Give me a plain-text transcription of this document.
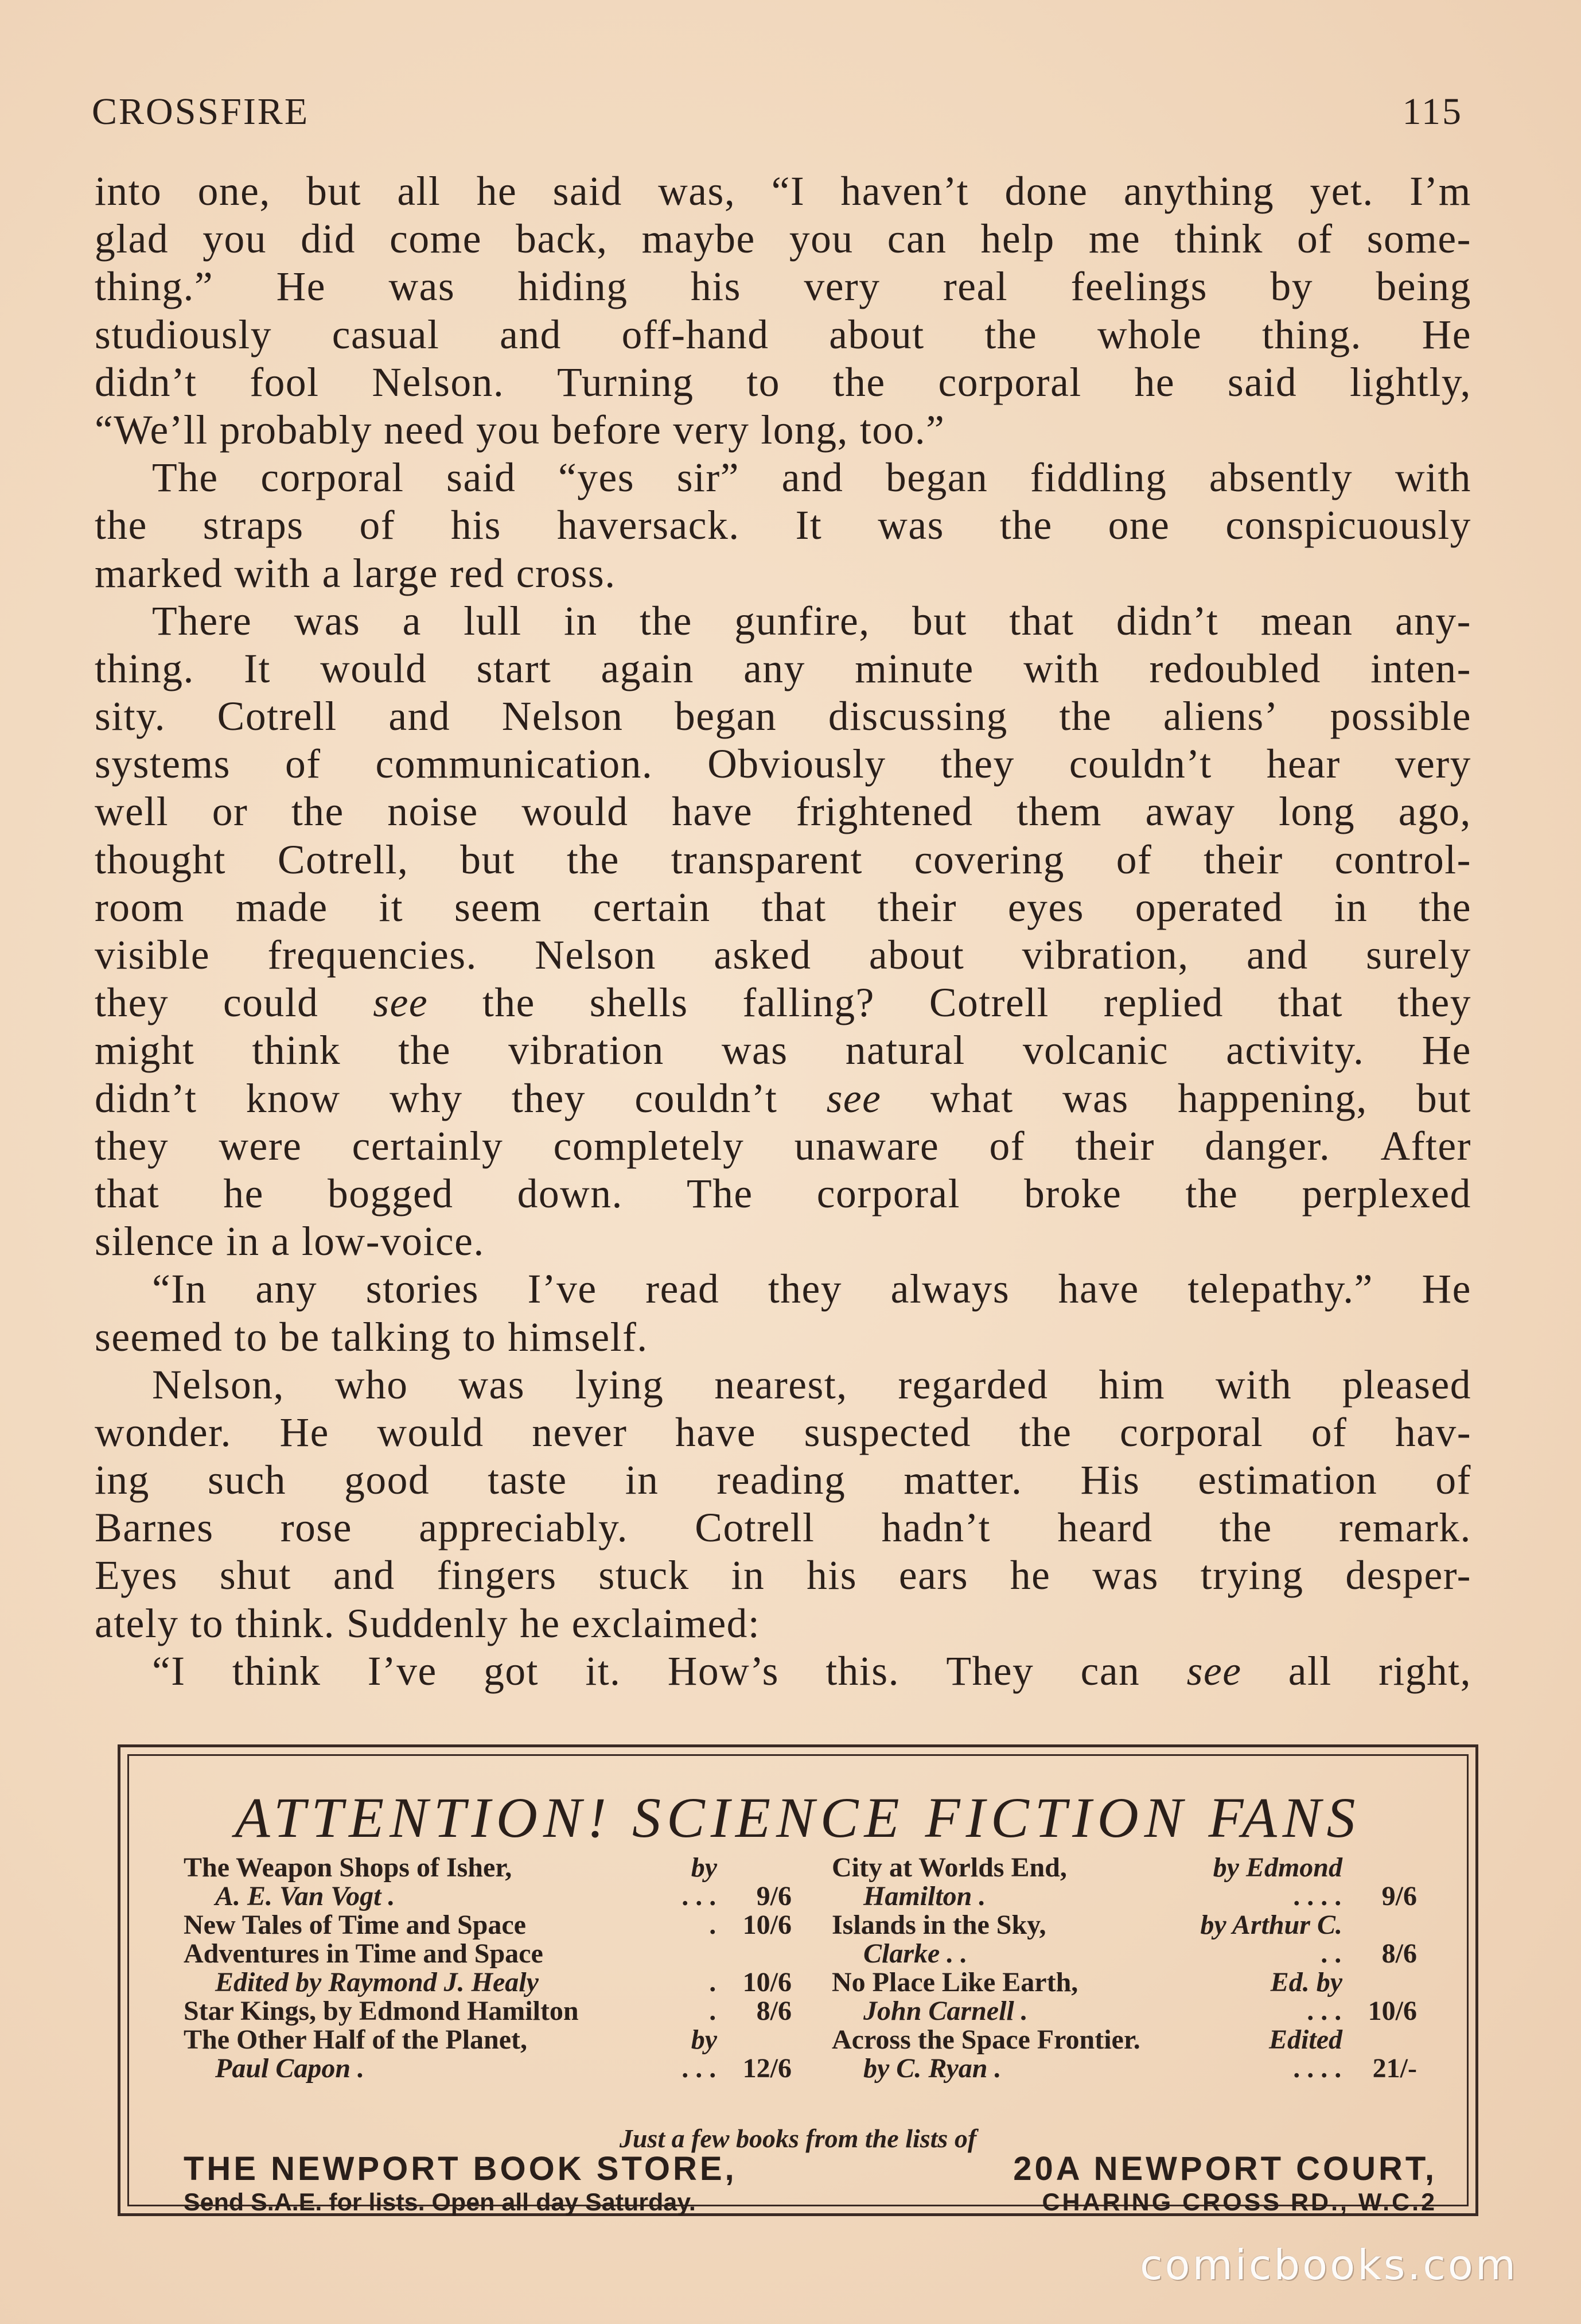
CROSSFIRE	115
into one, but all he said was, “I haven’t done anything yet. I’m
glad you did come back, maybe you can help me think of some-
thing.” He was hiding his very real feelings by being
studiously casual and off-hand about the whole thing. He
didn’t fool Nelson. Turning to the corporal he said lightly,
“We’ll probably need you before very long, too.”
The corporal said “yes sir” and began fiddling absently with
the straps of his haversack. It was the one conspicuously
marked with a large red cross.
There was a lull in the gunfire, but that didn’t mean any-
thing. It would start again any minute with redoubled inten-
sity. Cotrell and Nelson began discussing the aliens’ possible
systems of communication. Obviously they couldn’t hear very
well or the noise would have frightened them away long ago,
thought Cotrell, but the transparent covering of their control-
room made it seem certain that their eyes operated in the
visible frequencies. Nelson asked about vibration, and surely
they could see the shells falling? Cotrell replied that they
might think the vibration was natural volcanic activity. He
didn’t know why they couldn’t see what was happening, but
they were certainly completely unaware of their danger. After
that he bogged down. The corporal broke the perplexed
silence in a low-voice.
“In any stories I’ve read they always have telepathy.” He
seemed to be talking to himself.
Nelson, who was lying nearest, regarded him with pleased
wonder. He would never have suspected the corporal of hav-
ing such good taste in reading matter. His estimation of
Barnes rose appreciably. Cotrell hadn’t heard the remark.
Eyes shut and fingers stuck in his ears he was trying desper-
ately to think. Suddenly he exclaimed:
“I think I’ve got it. How’s this. They can see all right,
ATTENTION! SCIENCE FICTION FANS
The Weapon Shops of Isher,	by
A. E. Van Vogt .	. . .	9/6
New Tales of Time and Space	. 10/6
Adventures in Time and Space
Edited by Raymond J. Healy	. 10/6
Star Kings, by Edmond Hamilton	.	8/6
The Other Half of the Planet,	by
Paul Capon .	. . . 12/6
City at Worlds End,	by Edmond
Hamilton .	. . . .	9/6
Islands in the Sky,	by Arthur C.
Clarke . .	. .	8/6
No Place Like Earth,	Ed. by
John Carnell .	. . . 10/6
Across the Space Frontier.	Edited
by C. Ryan .	. . . .	21/-
Just a few books from the lists of
THE NEWPORT BOOK STORE,
Send S.A.E. for lists. Open all day Saturday.
20A NEWPORT COURT,
CHARING CROSS RD., W.C.2
comicbooks.com
